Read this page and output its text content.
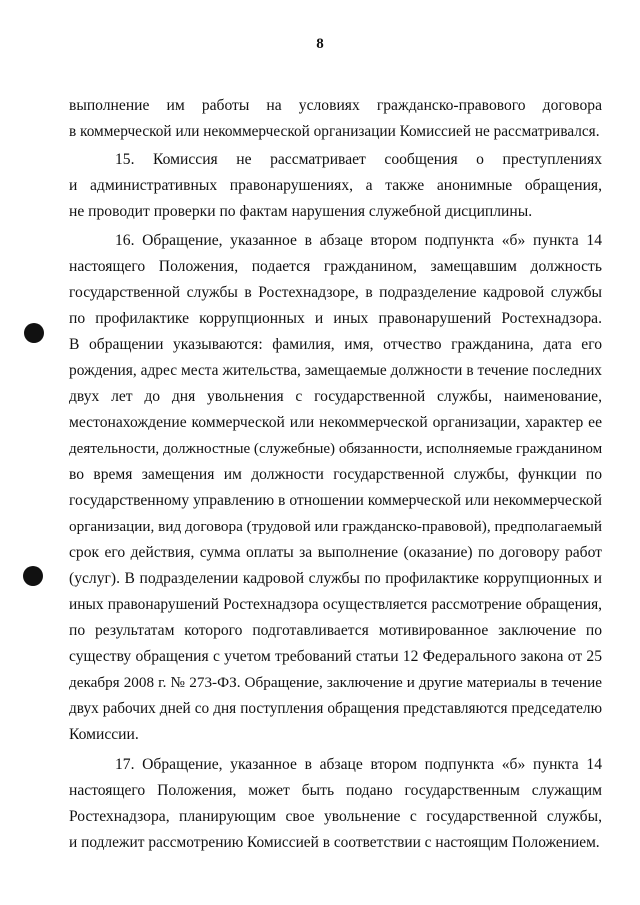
8

выполнение им работы на условиях гражданско-правового договора
в коммерческой или некоммерческой организации Комиссией не рассматривался.

15. Комиссия не рассматривает сообщения о преступлениях
и административных правонарушениях, а также анонимные обращения,
не проводит проверки по фактам нарушения служебной дисциплины.

16. Обращение, указанное в абзаце втором подпункта «б» пункта 14
настоящего Положения, подается гражданином, замещавшим должность
государственной службы в Ростехнадзоре, в подразделение кадровой службы
по профилактике коррупционных и иных правонарушений Ростехнадзора.
В обращении указываются: фамилия, имя, отчество гражданина, дата его
рождения, адрес места жительства, замещаемые должности в течение последних
двух лет до дня увольнения с государственной службы, наименование,
местонахождение коммерческой или некоммерческой организации, характер ее
деятельности, должностные (служебные) обязанности, исполняемые гражданином
во время замещения им должности государственной службы, функции по
государственному управлению в отношении коммерческой или некоммерческой
организации, вид договора (трудовой или гражданско-правовой), предполагаемый
срок его действия, сумма оплаты за выполнение (оказание) по договору работ
(услуг). В подразделении кадровой службы по профилактике коррупционных и
иных правонарушений Ростехнадзора осуществляется рассмотрение обращения,
по результатам которого подготавливается мотивированное заключение по
существу обращения с учетом требований статьи 12 Федерального закона от 25
декабря 2008 г. № 273-ФЗ. Обращение, заключение и другие материалы в течение
двух рабочих дней со дня поступления обращения представляются председателю
Комиссии.

17. Обращение, указанное в абзаце втором подпункта «б» пункта 14
настоящего Положения, может быть подано государственным служащим
Ростехнадзора, планирующим свое увольнение с государственной службы,
и подлежит рассмотрению Комиссией в соответствии с настоящим Положением.
